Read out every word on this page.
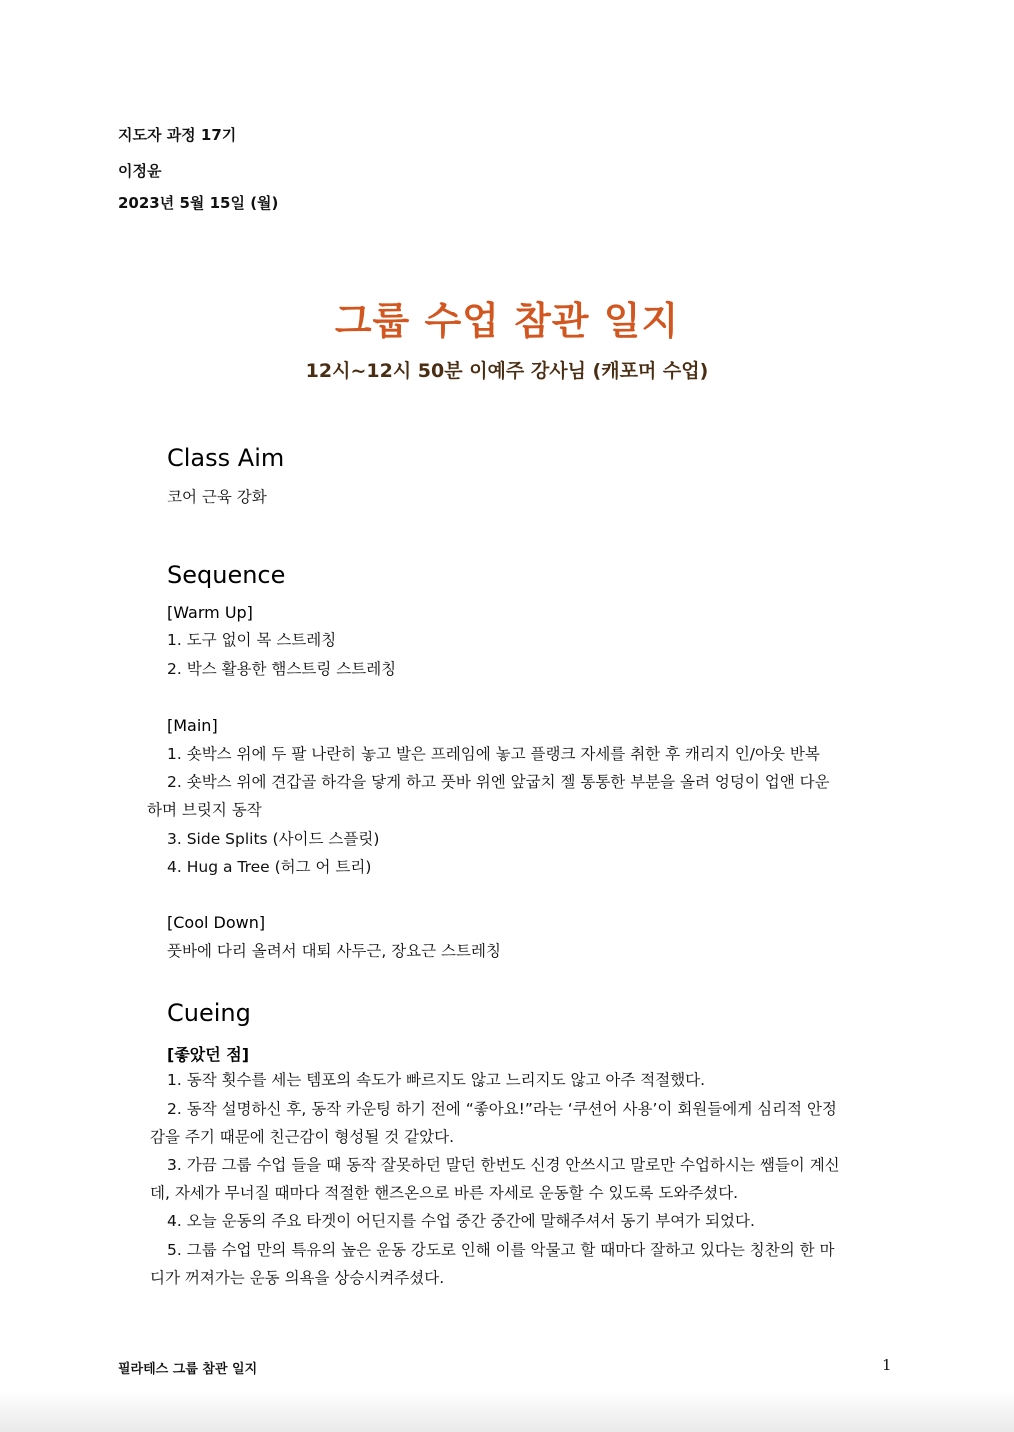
지도자 과정 17기
이정윤
2023년 5월 15일 (월)
그룹 수업 참관 일지
12시~12시 50분 이예주 강사님 (캐포머 수업)
Class Aim
코어 근육 강화
Sequence
[Warm Up]
1. 도구 없이 목 스트레칭
2. 박스 활용한 햄스트링 스트레칭
[Main]
1. 숏박스 위에 두 팔 나란히 놓고 발은 프레임에 놓고 플랭크 자세를 취한 후 캐리지 인/아웃 반복
2. 숏박스 위에 견갑골 하각을 닿게 하고 풋바 위엔 앞굽치 젤 통통한 부분을 올려 엉덩이 업앤 다운
하며 브릿지 동작
3. Side Splits (사이드 스플릿)
4. Hug a Tree (허그 어 트리)
[Cool Down]
풋바에 다리 올려서 대퇴 사두근, 장요근 스트레칭
Cueing
[좋았던 점]
1. 동작 횟수를 세는 템포의 속도가 빠르지도 않고 느리지도 않고 아주 적절했다.
2. 동작 설명하신 후, 동작 카운팅 하기 전에 “좋아요!”라는 ‘쿠션어 사용’이 회원들에게 심리적 안정
감을 주기 때문에 친근감이 형성될 것 같았다.
3. 가끔 그룹 수업 들을 때 동작 잘못하던 말던 한번도 신경 안쓰시고 말로만 수업하시는 쌤들이 계신
데, 자세가 무너질 때마다 적절한 핸즈온으로 바른 자세로 운동할 수 있도록 도와주셨다.
4. 오늘 운동의 주요 타겟이 어딘지를 수업 중간 중간에 말해주셔서 동기 부여가 되었다.
5. 그룹 수업 만의 특유의 높은 운동 강도로 인해 이를 악물고 할 때마다 잘하고 있다는 칭찬의 한 마
디가 꺼져가는 운동 의욕을 상승시켜주셨다.
필라테스 그룹 참관 일지	1
